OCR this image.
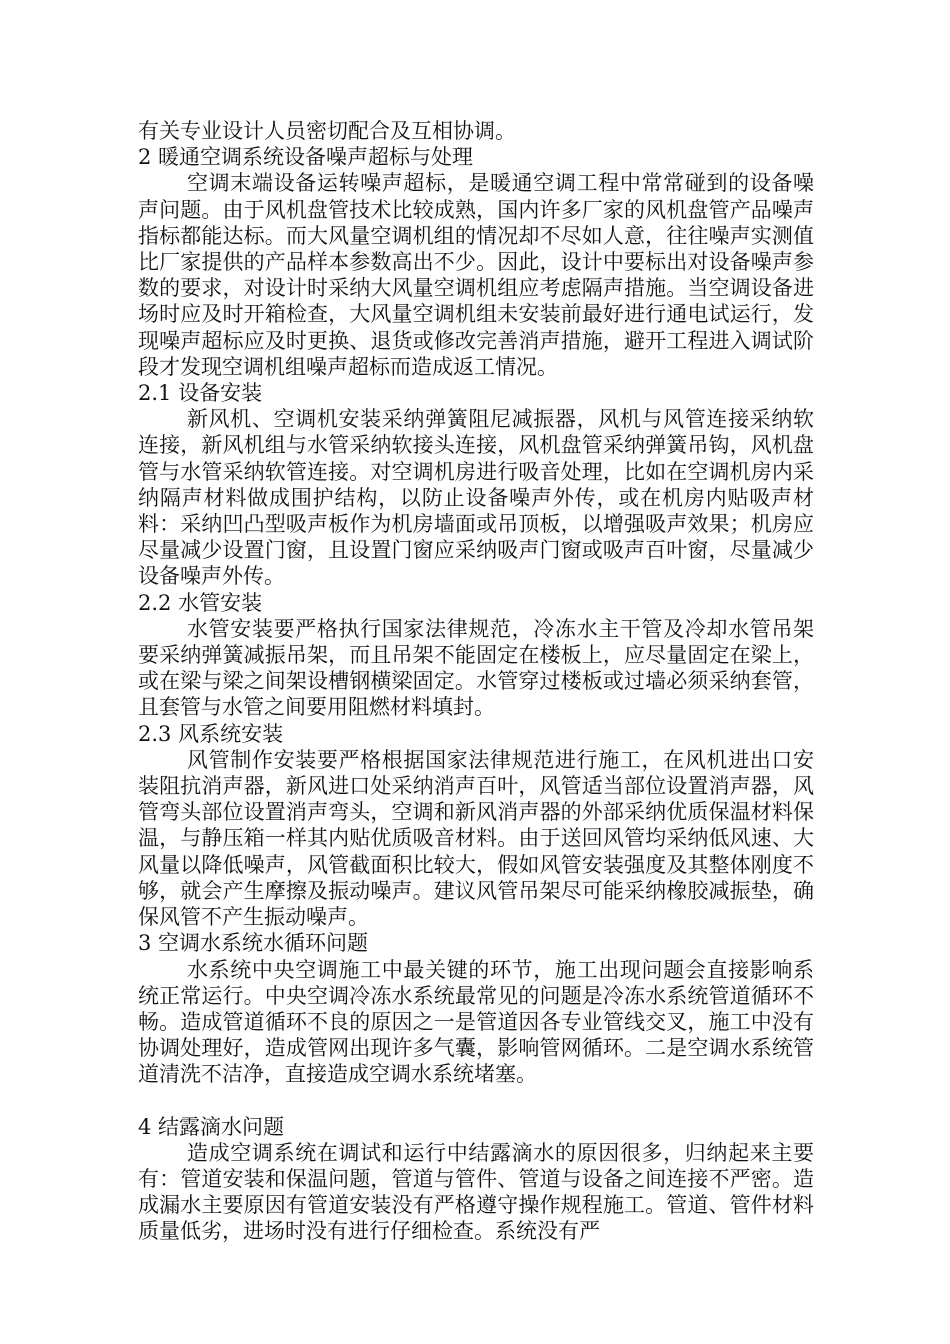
有关专业设计人员密切配合及互相协调。

2 暖通空调系统设备噪声超标与处理

空调末端设备运转噪声超标，是暖通空调工程中常常碰到的设备噪声问题。由于风机盘管技术比较成熟，国内许多厂家的风机盘管产品噪声指标都能达标。而大风量空调机组的情况却不尽如人意，往往噪声实测值比厂家提供的产品样本参数高出不少。因此，设计中要标出对设备噪声参数的要求，对设计时采纳大风量空调机组应考虑隔声措施。当空调设备进场时应及时开箱检查，大风量空调机组未安装前最好进行通电试运行，发现噪声超标应及时更换、退货或修改完善消声措施，避开工程进入调试阶段才发现空调机组噪声超标而造成返工情况。

2.1 设备安装

新风机、空调机安装采纳弹簧阻尼减振器，风机与风管连接采纳软连接，新风机组与水管采纳软接头连接，风机盘管采纳弹簧吊钩，风机盘管与水管采纳软管连接。对空调机房进行吸音处理，比如在空调机房内采纳隔声材料做成围护结构，以防止设备噪声外传，或在机房内贴吸声材料：采纳凹凸型吸声板作为机房墙面或吊顶板，以增强吸声效果；机房应尽量减少设置门窗，且设置门窗应采纳吸声门窗或吸声百叶窗，尽量减少设备噪声外传。

2.2 水管安装

水管安装要严格执行国家法律规范，冷冻水主干管及冷却水管吊架要采纳弹簧减振吊架，而且吊架不能固定在楼板上，应尽量固定在梁上，或在梁与梁之间架设槽钢横梁固定。水管穿过楼板或过墙必须采纳套管，且套管与水管之间要用阻燃材料填封。

2.3 风系统安装

风管制作安装要严格根据国家法律规范进行施工，在风机进出口安装阻抗消声器，新风进口处采纳消声百叶，风管适当部位设置消声器，风管弯头部位设置消声弯头，空调和新风消声器的外部采纳优质保温材料保温，与静压箱一样其内贴优质吸音材料。由于送回风管均采纳低风速、大风量以降低噪声，风管截面积比较大，假如风管安装强度及其整体刚度不够，就会产生摩擦及振动噪声。建议风管吊架尽可能采纳橡胶减振垫，确保风管不产生振动噪声。

3 空调水系统水循环问题

水系统中央空调施工中最关键的环节，施工出现问题会直接影响系统正常运行。中央空调冷冻水系统最常见的问题是冷冻水系统管道循环不畅。造成管道循环不良的原因之一是管道因各专业管线交叉，施工中没有协调处理好，造成管网出现许多气囊，影响管网循环。二是空调水系统管道清洗不洁净，直接造成空调水系统堵塞。

4 结露滴水问题

造成空调系统在调试和运行中结露滴水的原因很多，归纳起来主要有：管道安装和保温问题，管道与管件、管道与设备之间连接不严密。造成漏水主要原因有管道安装没有严格遵守操作规程施工。管道、管件材料质量低劣，进场时没有进行仔细检查。系统没有严
